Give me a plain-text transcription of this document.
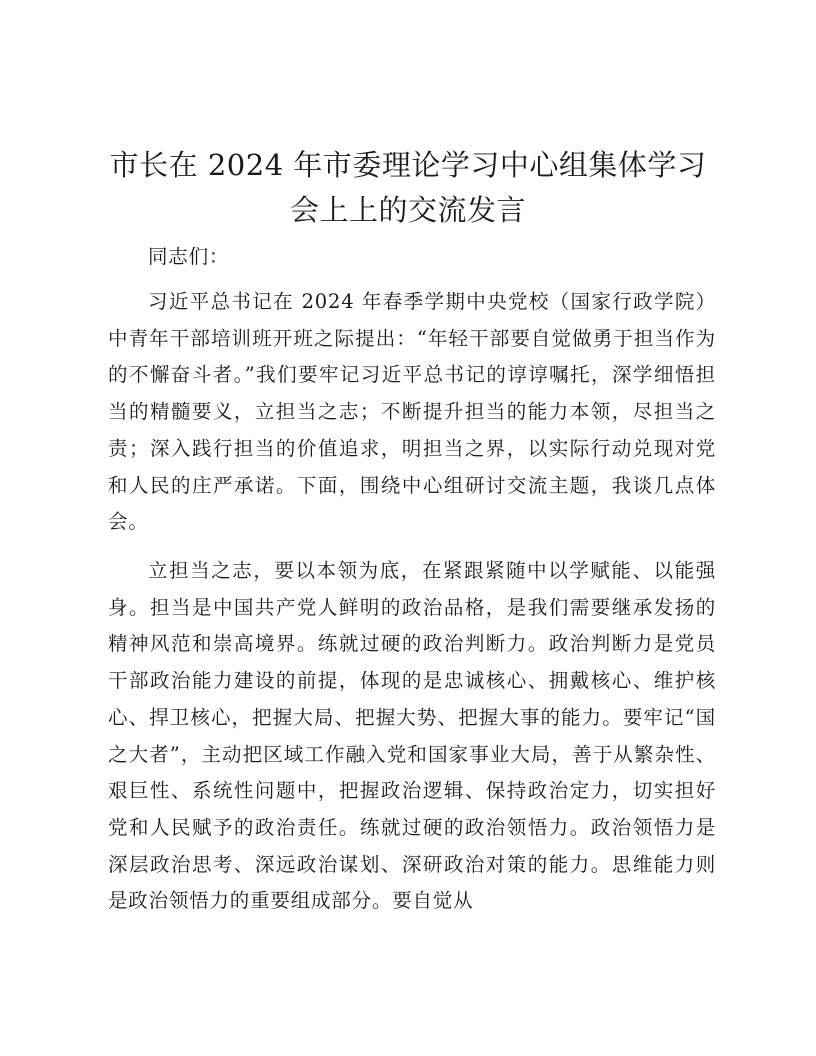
市长在 2024 年市委理论学习中心组集体学习会上上的交流发言

同志们：

习近平总书记在 2024 年春季学期中央党校（国家行政学院）中青年干部培训班开班之际提出：“年轻干部要自觉做勇于担当作为的不懈奋斗者。”我们要牢记习近平总书记的谆谆嘱托，深学细悟担当的精髓要义，立担当之志；不断提升担当的能力本领，尽担当之责；深入践行担当的价值追求，明担当之界，以实际行动兑现对党和人民的庄严承诺。下面，围绕中心组研讨交流主题，我谈几点体会。

立担当之志，要以本领为底，在紧跟紧随中以学赋能、以能强身。担当是中国共产党人鲜明的政治品格，是我们需要继承发扬的精神风范和崇高境界。练就过硬的政治判断力。政治判断力是党员干部政治能力建设的前提，体现的是忠诚核心、拥戴核心、维护核心、捍卫核心，把握大局、把握大势、把握大事的能力。要牢记“国之大者”，主动把区域工作融入党和国家事业大局，善于从繁杂性、艰巨性、系统性问题中，把握政治逻辑、保持政治定力，切实担好党和人民赋予的政治责任。练就过硬的政治领悟力。政治领悟力是深层政治思考、深远政治谋划、深研政治对策的能力。思维能力则是政治领悟力的重要组成部分。要自觉从
